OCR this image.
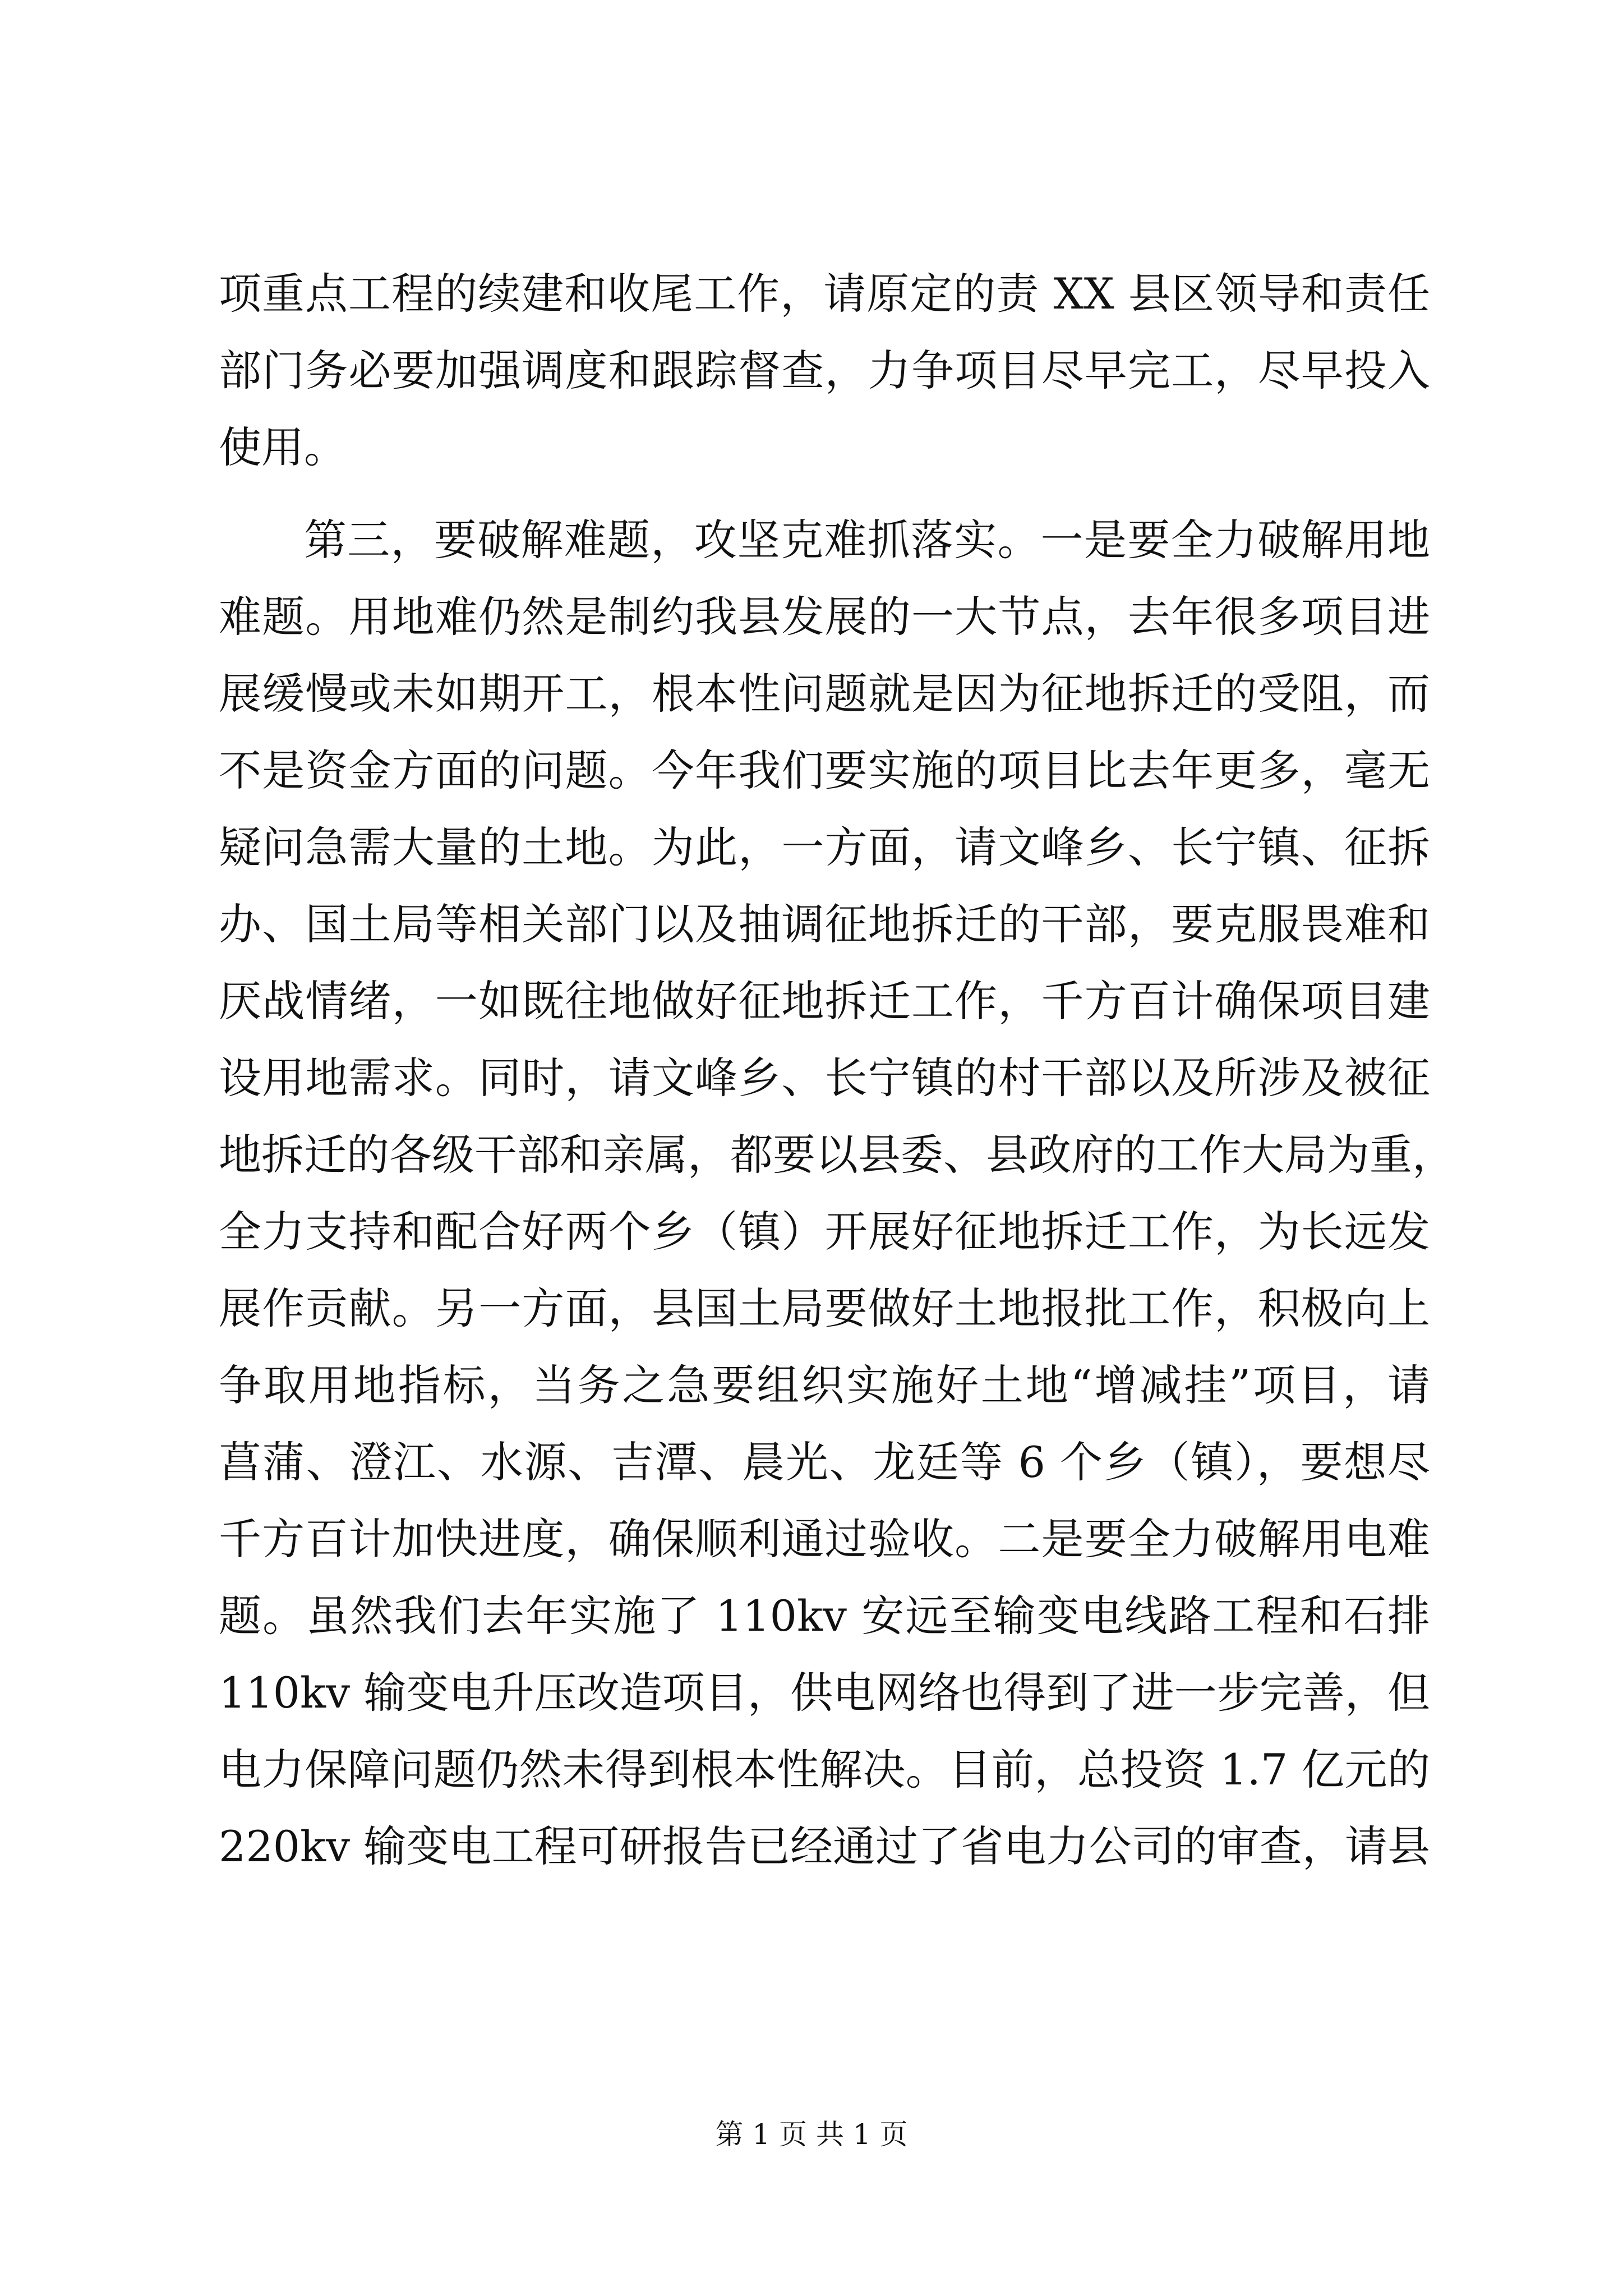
项重点工程的续建和收尾工作，请原定的责 XX 县区领导和责任
部门务必要加强调度和跟踪督查，力争项目尽早完工，尽早投入
使用。
第三，要破解难题，攻坚克难抓落实。一是要全力破解用地
难题。用地难仍然是制约我县发展的一大节点，去年很多项目进
展缓慢或未如期开工，根本性问题就是因为征地拆迁的受阻，而
不是资金方面的问题。今年我们要实施的项目比去年更多，毫无
疑问急需大量的土地。为此，一方面，请文峰乡、长宁镇、征拆
办、国土局等相关部门以及抽调征地拆迁的干部，要克服畏难和
厌战情绪，一如既往地做好征地拆迁工作，千方百计确保项目建
设用地需求。同时，请文峰乡、长宁镇的村干部以及所涉及被征
地拆迁的各级干部和亲属，都要以县委、县政府的工作大局为重，
全力支持和配合好两个乡（镇）开展好征地拆迁工作，为长远发
展作贡献。另一方面，县国土局要做好土地报批工作，积极向上
争取用地指标，当务之急要组织实施好土地“增减挂”项目，请
菖蒲、澄江、水源、吉潭、晨光、龙廷等 6 个乡（镇），要想尽
千方百计加快进度，确保顺利通过验收。二是要全力破解用电难
题。虽然我们去年实施了 110kv 安远至输变电线路工程和石排
110kv 输变电升压改造项目，供电网络也得到了进一步完善，但
电力保障问题仍然未得到根本性解决。目前，总投资 1.7 亿元的
220kv 输变电工程可研报告已经通过了省电力公司的审查，请县
第 1 页 共 1 页
